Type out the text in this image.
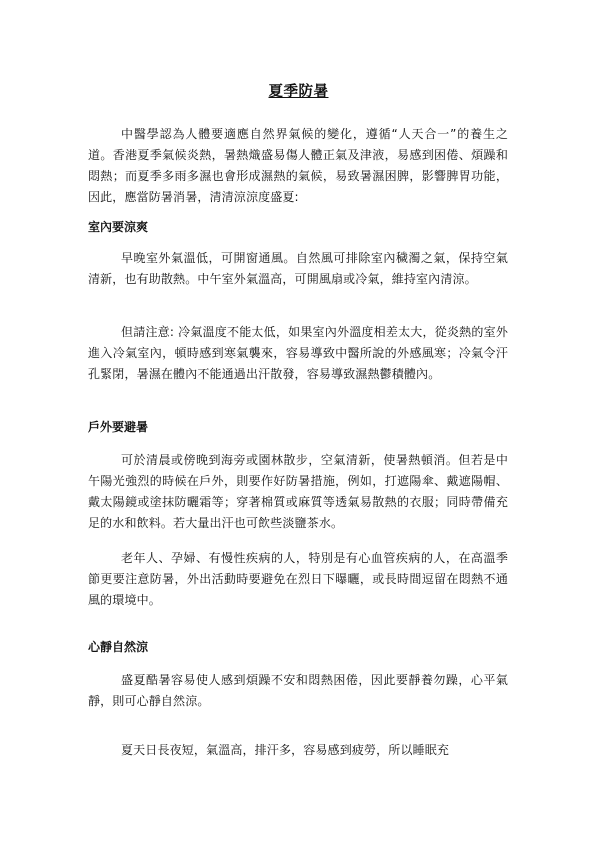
夏季防暑

中醫學認為人體要適應自然界氣候的變化，遵循“人天合一”的養生之道。香港夏季氣候炎熱，暑熱熾盛易傷人體正氣及津液，易感到困倦、煩躁和悶熱；而夏季多雨多濕也會形成濕熱的氣候，易致暑濕困脾，影響脾胃功能，因此，應當防暑消暑，清清涼涼度盛夏:

室內要涼爽

早晚室外氣溫低，可開窗通風。自然風可排除室內穢濁之氣，保持空氣清新，也有助散熱。中午室外氣溫高，可開風扇或冷氣，維持室內清涼。

但請注意: 冷氣溫度不能太低，如果室內外溫度相差太大，從炎熱的室外進入冷氣室內，頓時感到寒氣襲來，容易導致中醫所說的外感風寒；冷氣令汗孔緊閉，暑濕在體內不能通過出汗散發，容易導致濕熱鬱積體內。

戶外要避暑

可於清晨或傍晚到海旁或園林散步，空氣清新，使暑熱頓消。但若是中午陽光強烈的時候在戶外，則要作好防暑措施，例如，打遮陽傘、戴遮陽帽、戴太陽鏡或塗抹防曬霜等；穿著棉質或麻質等透氣易散熱的衣服；同時帶備充足的水和飲料。若大量出汗也可飲些淡鹽茶水。

老年人、孕婦、有慢性疾病的人，特別是有心血管疾病的人，在高溫季節更要注意防暑，外出活動時要避免在烈日下曝曬，或長時間逗留在悶熱不通風的環境中。

心靜自然涼

盛夏酷暑容易使人感到煩躁不安和悶熱困倦，因此要靜養勿躁，心平氣靜，則可心靜自然涼。

夏天日長夜短，氣溫高，排汗多，容易感到疲勞，所以睡眠充
